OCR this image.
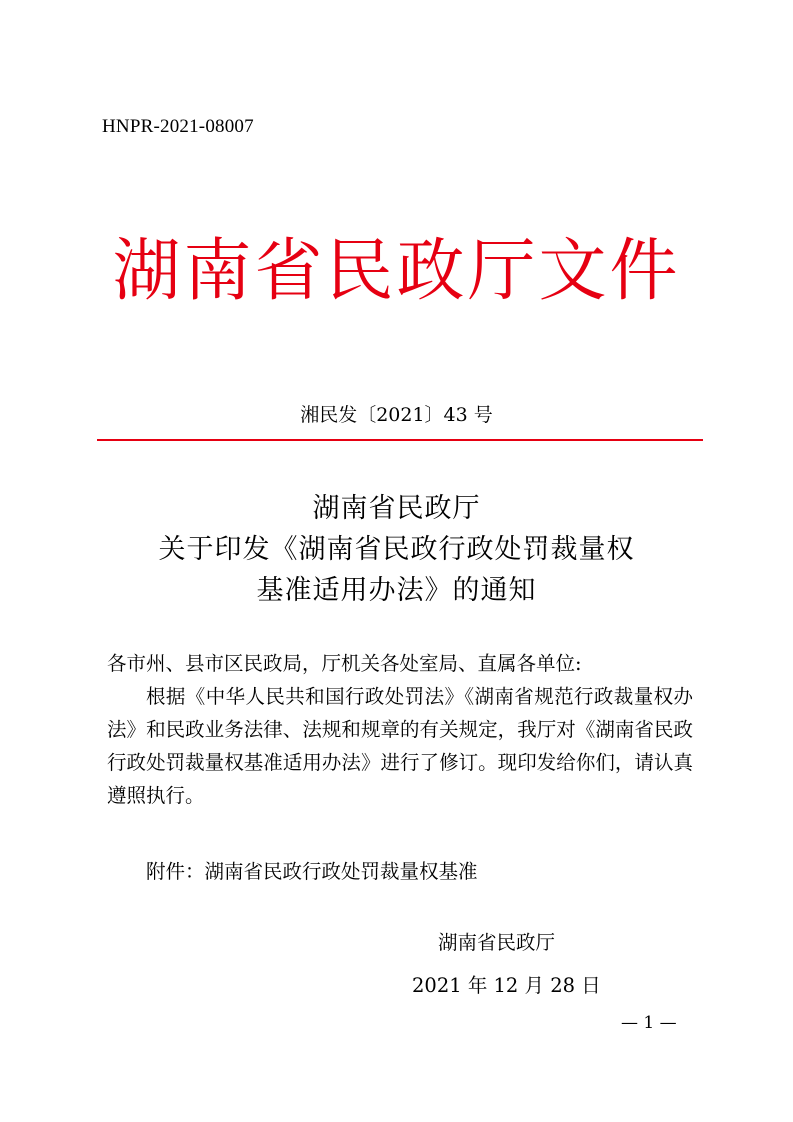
HNPR-2021-08007
湖南省民政厅文件
湘民发〔2021〕43 号
湖南省民政厅
关于印发《湖南省民政行政处罚裁量权
基准适用办法》的通知
各市州、县市区民政局，厅机关各处室局、直属各单位:
根据《中华人民共和国行政处罚法》《湖南省规范行政裁量权办法》和民政业务法律、法规和规章的有关规定，我厅对《湖南省民政行政处罚裁量权基准适用办法》进行了修订。现印发给你们，请认真遵照执行。
附件：湖南省民政行政处罚裁量权基准
湖南省民政厅
2021 年 12 月 28 日
— 1 —
